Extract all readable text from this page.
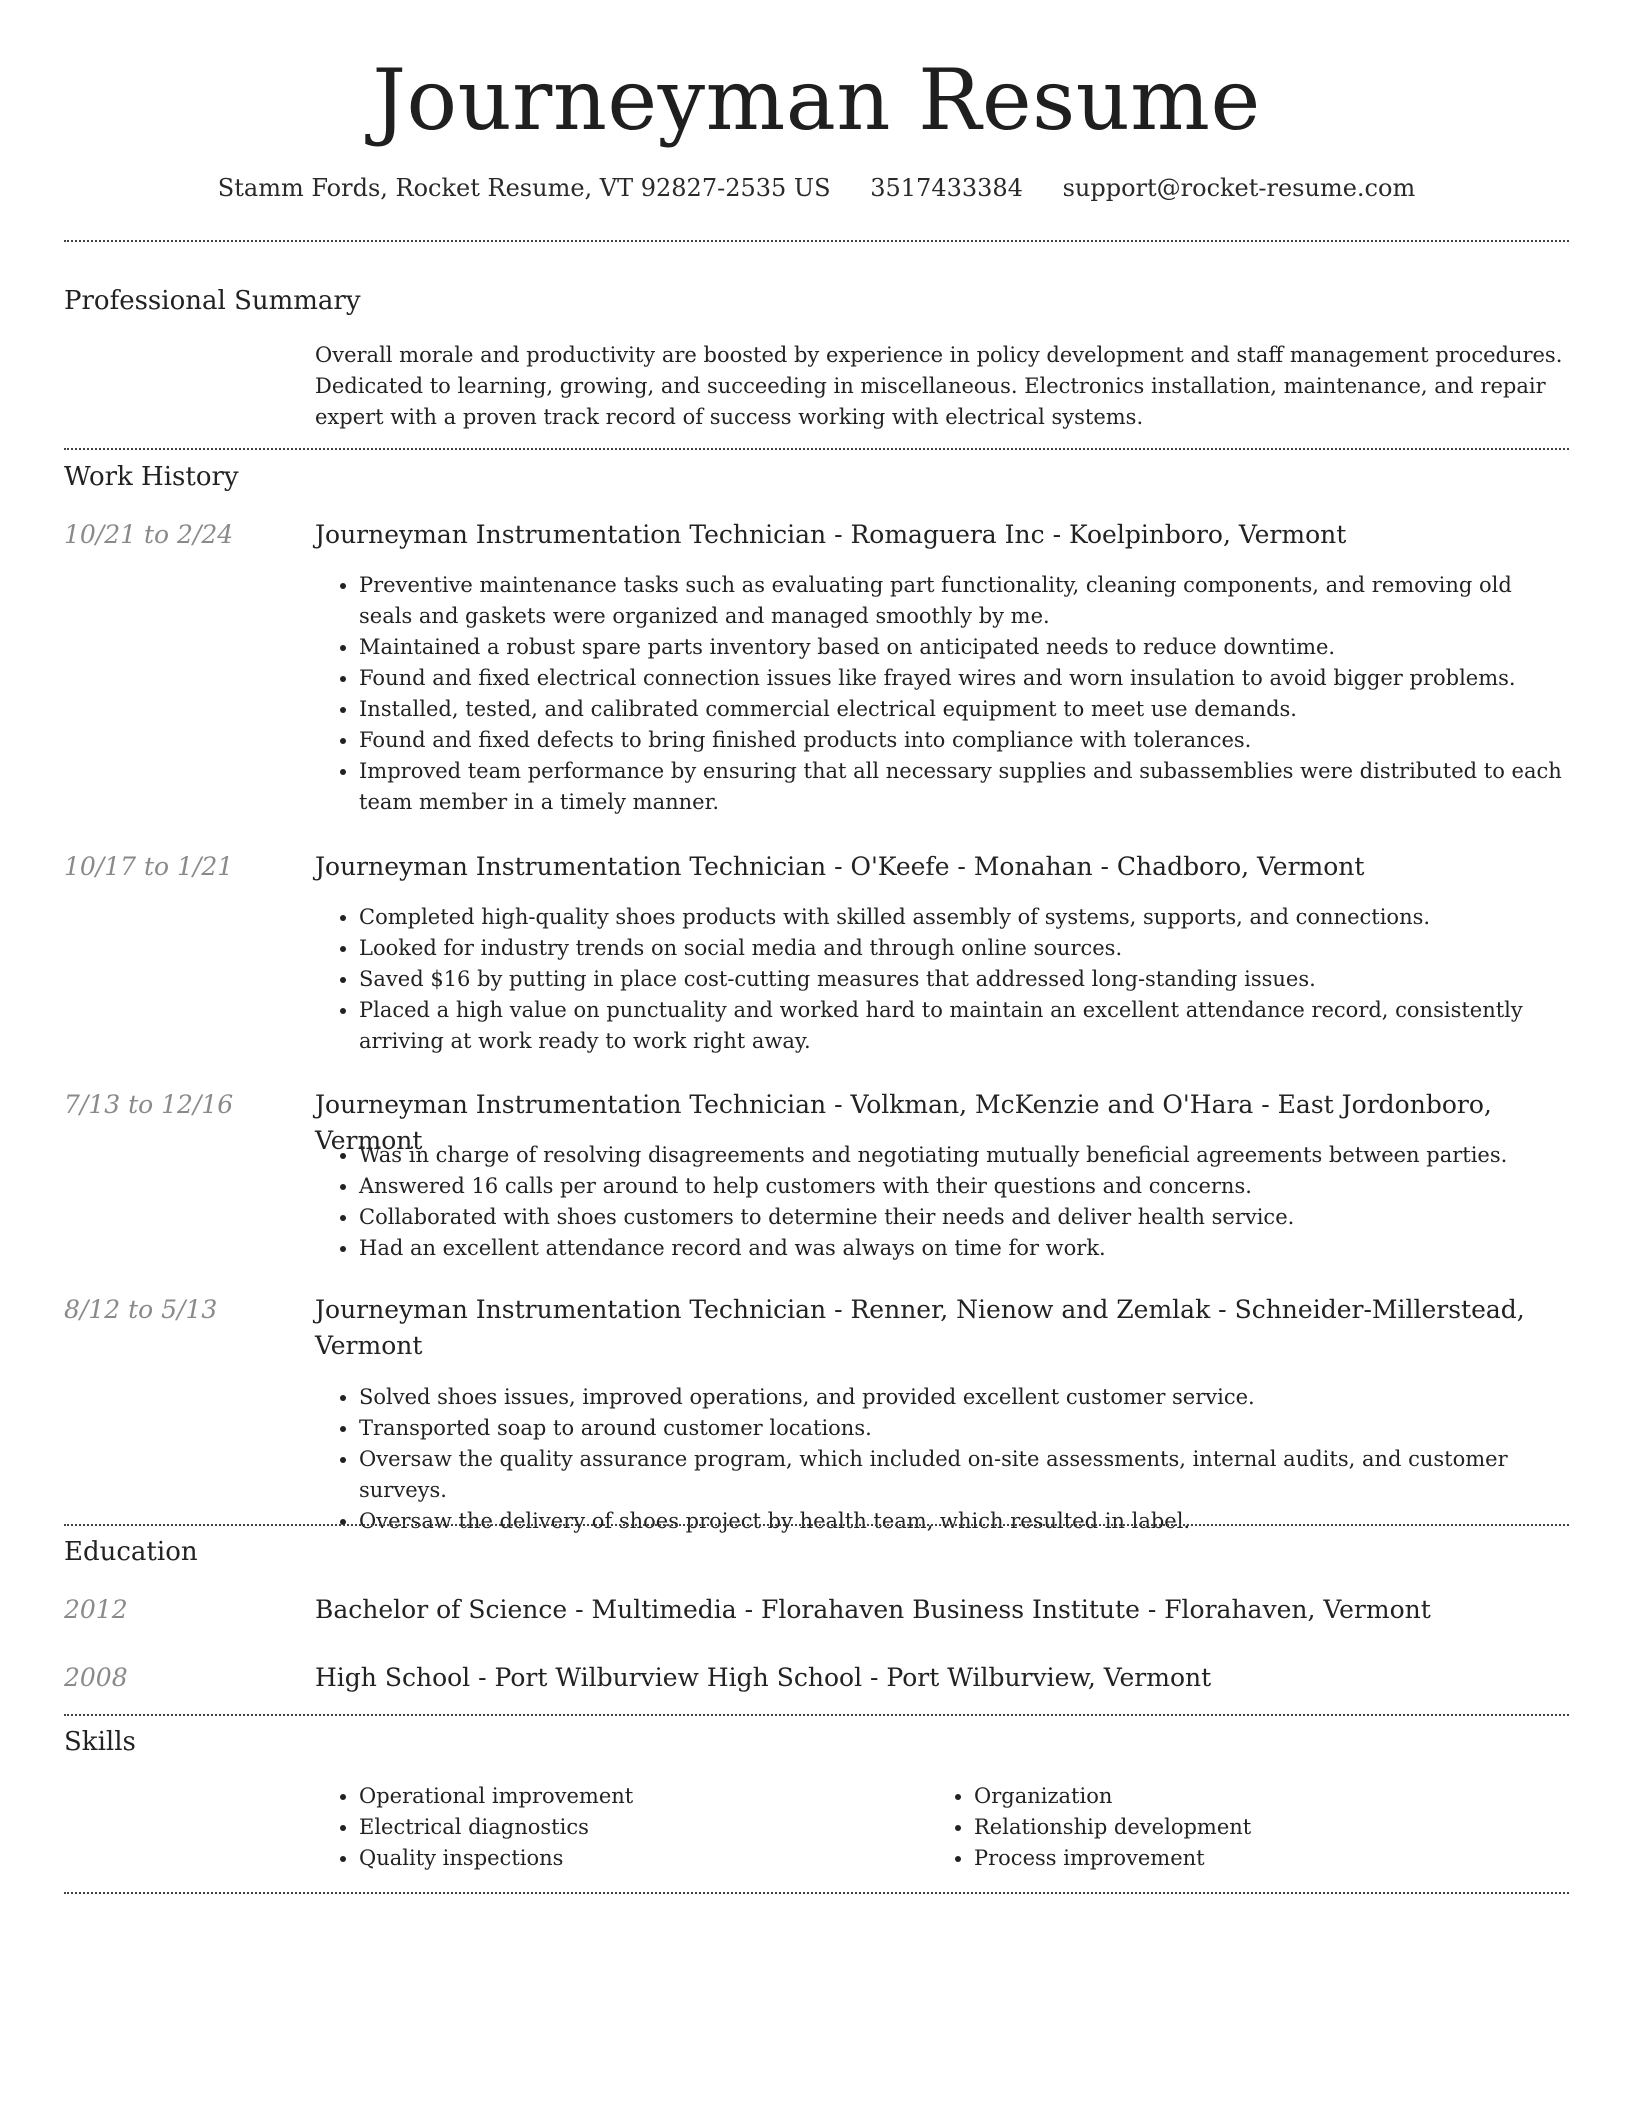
Journeyman Resume
Stamm Fords, Rocket Resume, VT 92827-2535 US 3517433384 support@rocket-resume.com
Professional Summary
Overall morale and productivity are boosted by experience in policy development and staff management procedures. Dedicated to learning, growing, and succeeding in miscellaneous. Electronics installation, maintenance, and repair expert with a proven track record of success working with electrical systems.
Work History
10/21 to 2/24	Journeyman Instrumentation Technician - Romaguera Inc - Koelpinboro, Vermont
• Preventive maintenance tasks such as evaluating part functionality, cleaning components, and removing old seals and gaskets were organized and managed smoothly by me.
• Maintained a robust spare parts inventory based on anticipated needs to reduce downtime.
• Found and fixed electrical connection issues like frayed wires and worn insulation to avoid bigger problems.
• Installed, tested, and calibrated commercial electrical equipment to meet use demands.
• Found and fixed defects to bring finished products into compliance with tolerances.
• Improved team performance by ensuring that all necessary supplies and subassemblies were distributed to each team member in a timely manner.
10/17 to 1/21	Journeyman Instrumentation Technician - O'Keefe - Monahan - Chadboro, Vermont
• Completed high-quality shoes products with skilled assembly of systems, supports, and connections.
• Looked for industry trends on social media and through online sources.
• Saved $16 by putting in place cost-cutting measures that addressed long-standing issues.
• Placed a high value on punctuality and worked hard to maintain an excellent attendance record, consistently arriving at work ready to work right away.
7/13 to 12/16	Journeyman Instrumentation Technician - Volkman, McKenzie and O'Hara - East Jordonboro, Vermont
• Was in charge of resolving disagreements and negotiating mutually beneficial agreements between parties.
• Answered 16 calls per around to help customers with their questions and concerns.
• Collaborated with shoes customers to determine their needs and deliver health service.
• Had an excellent attendance record and was always on time for work.
8/12 to 5/13	Journeyman Instrumentation Technician - Renner, Nienow and Zemlak - Schneider-Millerstead, Vermont
• Solved shoes issues, improved operations, and provided excellent customer service.
• Transported soap to around customer locations.
• Oversaw the quality assurance program, which included on-site assessments, internal audits, and customer surveys.
• Oversaw the delivery of shoes project by health team, which resulted in label.
Education
2012	Bachelor of Science - Multimedia - Florahaven Business Institute - Florahaven, Vermont
2008	High School - Port Wilburview High School - Port Wilburview, Vermont
Skills
• Operational improvement
• Electrical diagnostics
• Quality inspections
• Organization
• Relationship development
• Process improvement
